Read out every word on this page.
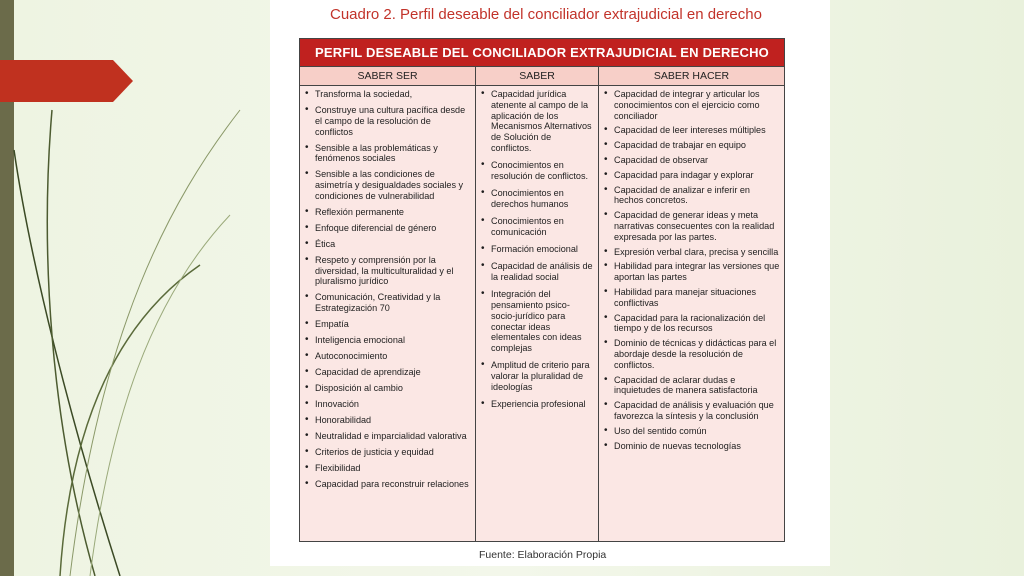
Cuadro 2. Perfil deseable del conciliador extrajudicial en derecho
PERFIL DESEABLE DEL CONCILIADOR EXTRAJUDICIAL EN DERECHO
SABER SER	SABER	SABER HACER
• Transforma la sociedad,
• Construye una cultura pacífica desde el campo de la resolución de conflictos
• Sensible a las problemáticas y fenómenos sociales
• Sensible a las condiciones de asimetría y desigualdades sociales y condiciones de vulnerabilidad
• Reflexión permanente
• Enfoque diferencial de género
• Ética
• Respeto y comprensión por la diversidad, la multiculturalidad y el pluralismo jurídico
• Comunicación, Creatividad y la Estrategización 70
• Empatía
• Inteligencia emocional
• Autoconocimiento
• Capacidad de aprendizaje
• Disposición al cambio
• Innovación
• Honorabilidad
• Neutralidad e imparcialidad valorativa
• Criterios de justicia y equidad
• Flexibilidad
• Capacidad para reconstruir relaciones
• Capacidad jurídica atenente al campo de la aplicación de los Mecanismos Alternativos de Solución de conflictos.
• Conocimientos en resolución de conflictos.
• Conocimientos en derechos humanos
• Conocimientos en comunicación
• Formación emocional
• Capacidad de análisis de la realidad social
• Integración del pensamiento psico-socio-jurídico para conectar ideas elementales con ideas complejas
• Amplitud de criterio para valorar la pluralidad de ideologías
• Experiencia profesional
• Capacidad de integrar y articular los conocimientos con el ejercicio como conciliador
• Capacidad de leer intereses múltiples
• Capacidad de trabajar en equipo
• Capacidad de observar
• Capacidad para indagar y explorar
• Capacidad de analizar e inferir en hechos concretos.
• Capacidad de generar ideas y meta narrativas consecuentes con la realidad expresada por las partes.
• Expresión verbal clara, precisa y sencilla
• Habilidad para integrar las versiones que aportan las partes
• Habilidad para manejar situaciones conflictivas
• Capacidad para la racionalización del tiempo y de los recursos
• Dominio de técnicas y didácticas para el abordaje desde la resolución de conflictos.
• Capacidad de aclarar dudas e inquietudes de manera satisfactoria
• Capacidad de análisis y evaluación que favorezca la síntesis y la conclusión
• Uso del sentido común
• Dominio de nuevas tecnologías
Fuente: Elaboración Propia
